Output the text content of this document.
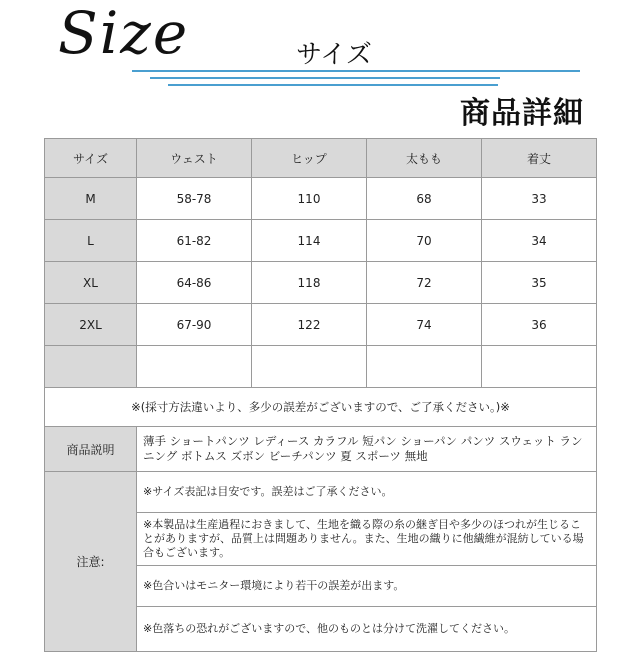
Size	サイズ
商品詳細
サイズ	ウェスト	ヒップ	太もも	着丈
M	58-78	110	68	33
L	61-82	114	70	34
XL	64-86	118	72	35
2XL	67-90	122	74	36

※(採寸方法違いより、多少の誤差がございますので、ご了承ください。)※				
商品説明	薄手 ショートパンツ レディース カラフル 短パン ショーパン パンツ スウェット ランニング ボトムス ズボン ビーチパンツ 夏 スポーツ 無地			
注意:	※サイズ表記は目安です。誤差はご了承ください。			
	※本製品は生産過程におきまして、生地を織る際の糸の継ぎ目や多少のほつれが生じることがありますが、品質上は問題ありません。また、生地の織りに他繊維が混紡している場合もございます。			
	※色合いはモニター環境により若干の誤差が出ます。			
	※色落ちの恐れがございますので、他のものとは分けて洗濯してください。			
